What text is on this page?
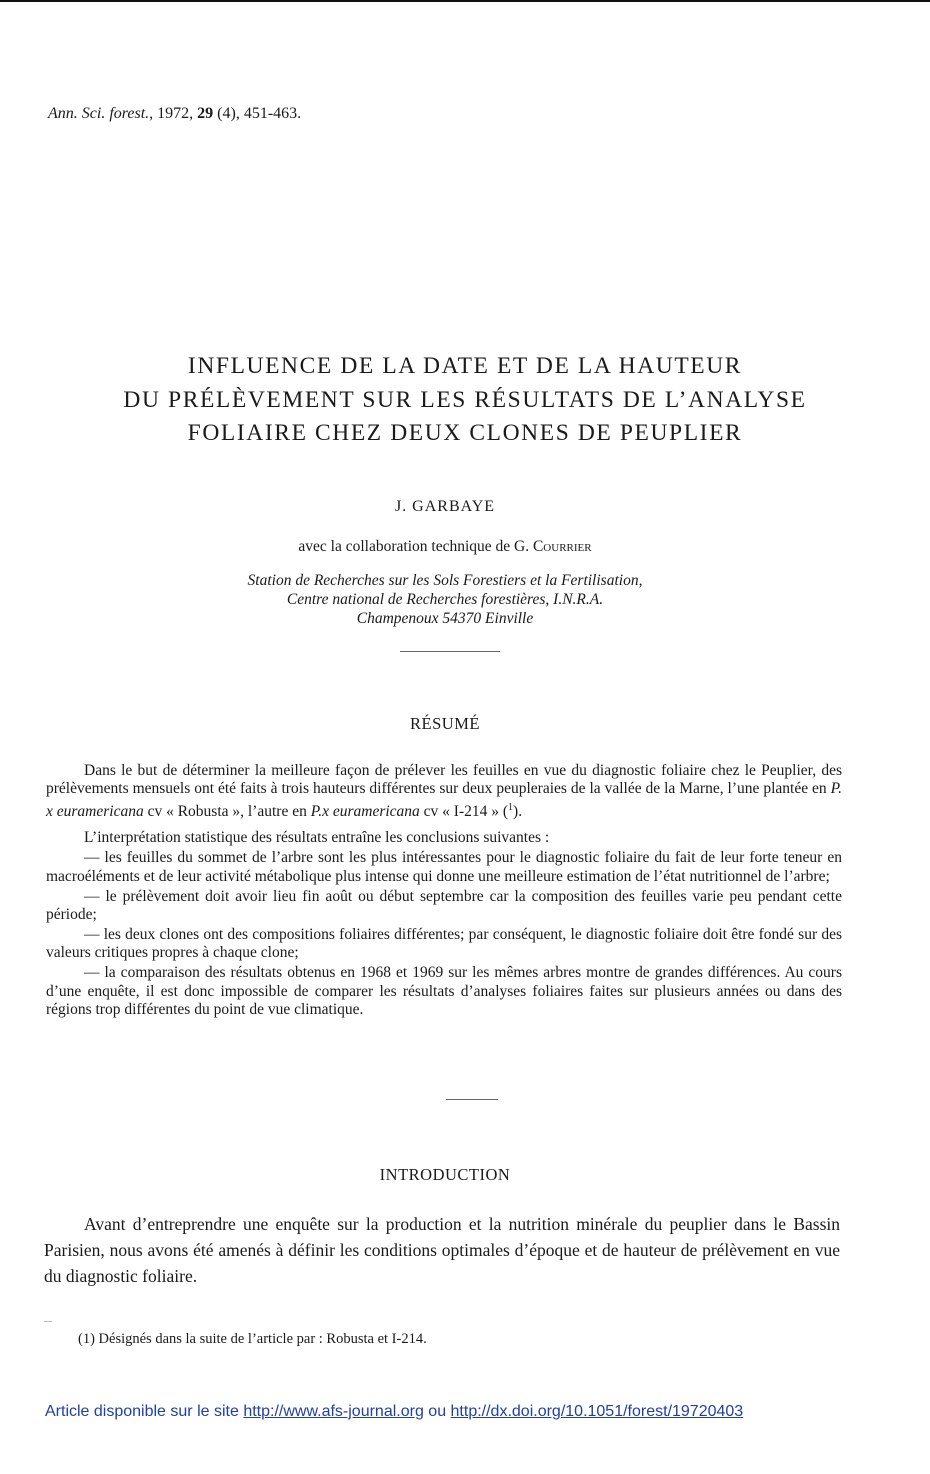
Ann. Sci. forest., 1972, 29 (4), 451-463.
INFLUENCE DE LA DATE ET DE LA HAUTEUR
DU PRÉLÈVEMENT SUR LES RÉSULTATS DE L’ANALYSE
FOLIAIRE CHEZ DEUX CLONES DE PEUPLIER
J. GARBAYE
avec la collaboration technique de G. Courrier
Station de Recherches sur les Sols Forestiers et la Fertilisation,
Centre national de Recherches forestières, I.N.R.A.
Champenoux 54370 Einville
RÉSUMÉ

Dans le but de déterminer la meilleure façon de prélever les feuilles en vue du diagnostic foliaire chez le Peuplier, des prélèvements mensuels ont été faits à trois hauteurs différentes sur deux peupleraies de la vallée de la Marne, l’une plantée en P. x euramericana cv « Robusta », l’autre en P.x euramericana cv « I-214 » ($^1$).

L’interprétation statistique des résultats entraîne les conclusions suivantes :

— les feuilles du sommet de l’arbre sont les plus intéressantes pour le diagnostic foliaire du fait de leur forte teneur en macroéléments et de leur activité métabolique plus intense qui donne une meilleure estimation de l’état nutritionnel de l’arbre;

— le prélèvement doit avoir lieu fin août ou début septembre car la composition des feuilles varie peu pendant cette période;

— les deux clones ont des compositions foliaires différentes; par conséquent, le diagnostic foliaire doit être fondé sur des valeurs critiques propres à chaque clone;

— la comparaison des résultats obtenus en 1968 et 1969 sur les mêmes arbres montre de grandes différences. Au cours d’une enquête, il est donc impossible de comparer les résultats d’analyses foliaires faites sur plusieurs années ou dans des régions trop différentes du point de vue climatique.

INTRODUCTION

Avant d’entreprendre une enquête sur la production et la nutrition minérale du peuplier dans le Bassin Parisien, nous avons été amenés à définir les conditions optimales d’époque et de hauteur de prélèvement en vue du diagnostic foliaire.

(1) Désignés dans la suite de l’article par : Robusta et I-214.
Article disponible sur le site http://www.afs-journal.org ou http://dx.doi.org/10.1051/forest/19720403
